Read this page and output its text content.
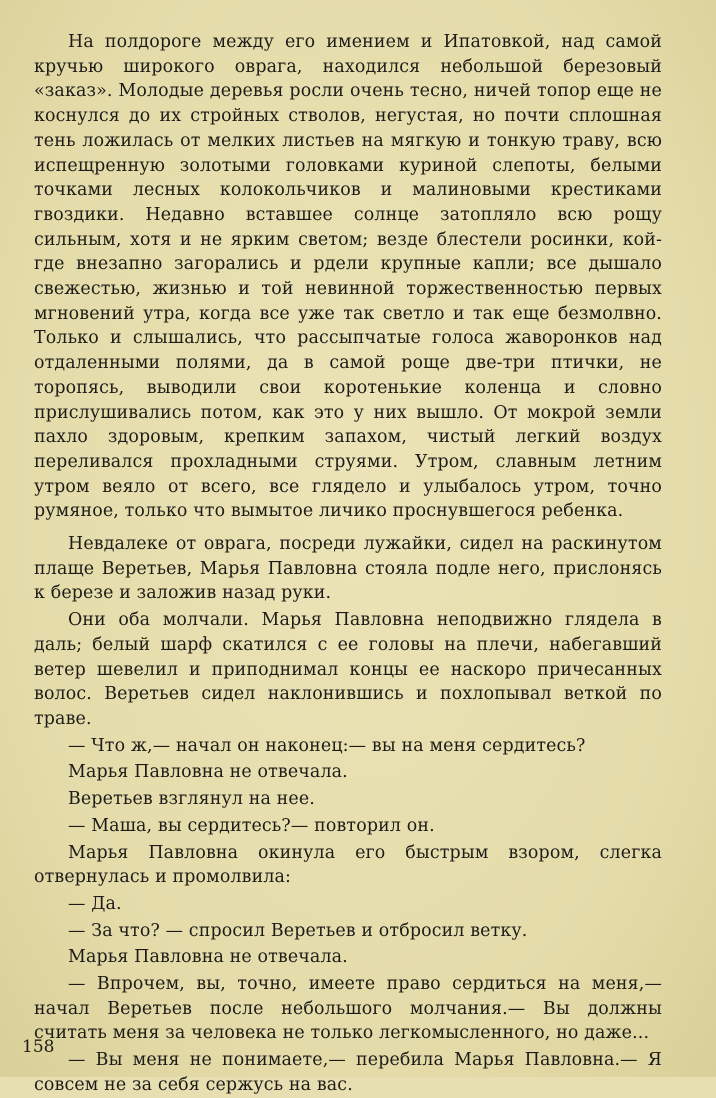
На полдороге между его имением и Ипатовкой, над самой кручью широкого оврага, находился небольшой березовый «заказ». Молодые деревья росли очень тесно, ничей топор еще не коснулся до их стройных стволов, негустая, но почти сплошная тень ложилась от мелких листьев на мягкую и тонкую траву, всю испещренную золотыми головками куриной слепоты, белыми точками лесных колокольчиков и малиновыми крестиками гвоздики. Недавно вставшее солнце затопляло всю рощу сильным, хотя и не ярким светом; везде блестели росинки, кой-где внезапно загорались и рдели крупные капли; все дышало свежестью, жизнью и той невинной торжественностью первых мгновений утра, когда все уже так светло и так еще безмолвно. Только и слышались, что рассыпчатые голоса жаворонков над отдаленными полями, да в самой роще две-три птички, не торопясь, выводили свои коротенькие коленца и словно прислушивались потом, как это у них вышло. От мокрой земли пахло здоровым, крепким запахом, чистый легкий воздух переливался прохладными струями. Утром, славным летним утром веяло от всего, все глядело и улыбалось утром, точно румяное, только что вымытое личико проснувшегося ребенка.

Невдалеке от оврага, посреди лужайки, сидел на раскинутом плаще Веретьев, Марья Павловна стояла подле него, прислонясь к березе и заложив назад руки.

Они оба молчали. Марья Павловна неподвижно глядела в даль; белый шарф скатился с ее головы на плечи, набегавший ветер шевелил и приподнимал концы ее наскоро причесанных волос. Веретьев сидел наклонившись и похлопывал веткой по траве.

— Что ж,— начал он наконец:— вы на меня сердитесь?

Марья Павловна не отвечала.

Веретьев взглянул на нее.

— Маша, вы сердитесь?— повторил он.

Марья Павловна окинула его быстрым взором, слегка отвернулась и промолвила:

— Да.

— За что? — спросил Веретьев и отбросил ветку.

Марья Павловна не отвечала.

— Впрочем, вы, точно, имеете право сердиться на меня,— начал Веретьев после небольшого молчания.— Вы должны считать меня за человека не только легкомысленного, но даже...

— Вы меня не понимаете,— перебила Марья Павловна.— Я совсем не за себя сержусь на вас.

158
